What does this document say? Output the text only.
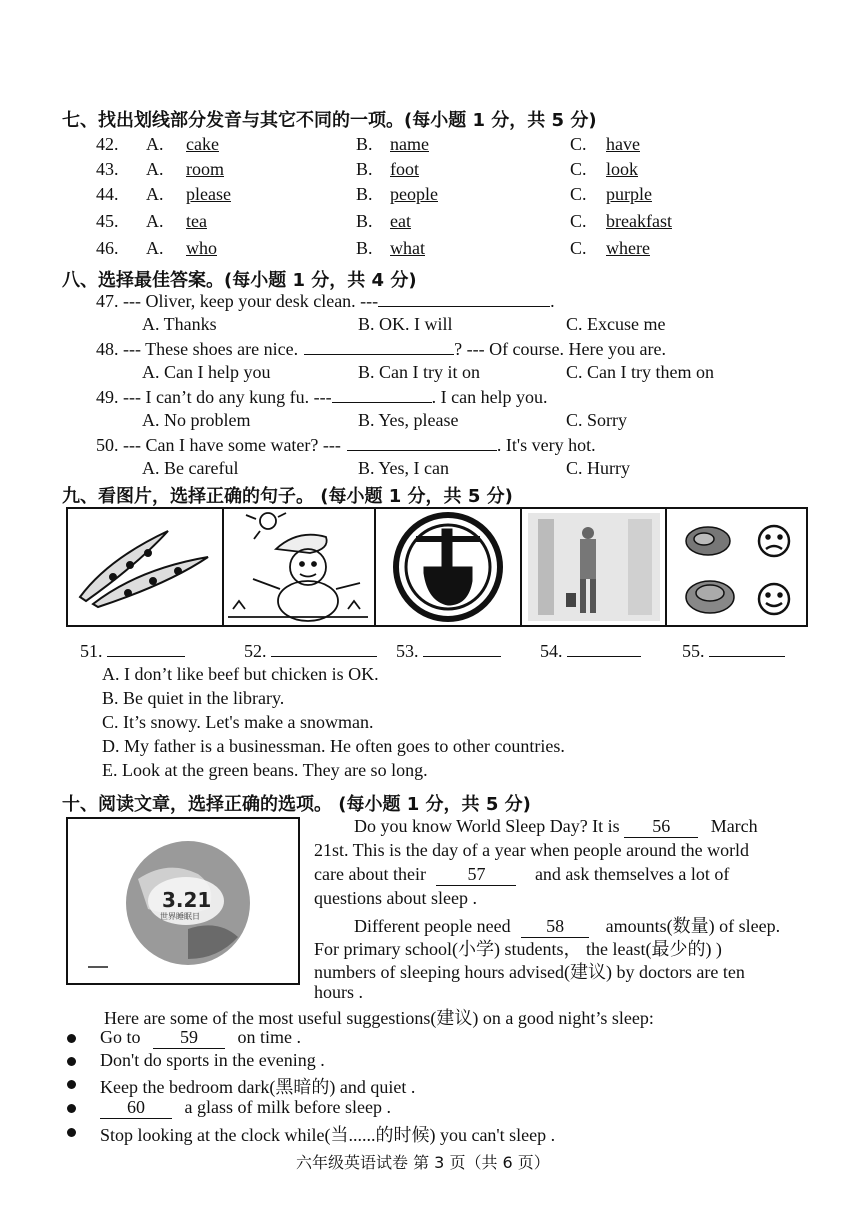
七、找出划线部分发音与其它不同的一项。(每小题 1 分，共 5 分)
42. A. cake	B. name	C. have
43. A. room	B. foot	C. look
44. A. please	B. people	C. purple
45. A. tea	B. eat	C. breakfast
46. A. who	B. what	C. where
八、选择最佳答案。(每小题 1 分，共 4 分)
47. --- Oliver, keep your desk clean. ---	.
A. Thanks	B. OK. I will	C. Excuse me
48. --- These shoes are nice.	? --- Of course. Here you are.
A. Can I help you	B. Can I try it on	C. Can I try them on
49. --- I can’t do any kung fu. ---	. I can help you.
A. No problem	B. Yes, please	C. Sorry
50. --- Can I have some water? ---	. It's very hot.
A. Be careful	B. Yes, I can	C. Hurry
九、看图片，选择正确的句子。 (每小题 1 分，共 5 分)
51.	52.	53.	54.	55.
A. I don’t like beef but chicken is OK.
B. Be quiet in the library.
C. It’s snowy. Let's make a snowman.
D. My father is a businessman. He often goes to other countries.
E. Look at the green beans. They are so long.
十、阅读文章，选择正确的选项。 (每小题 1 分，共 5 分)
3.21
世界睡眠日
Do you know World Sleep Day? It is 56 March
21st. This is the day of a year when people around the world
care about their 57	and ask themselves a lot of
questions about sleep .
Different people need 58 amounts(数量) of sleep.
For primary school(小学) students， the least(最少的) )
numbers of sleeping hours advised(建议) by doctors are ten
hours .
Here are some of the most useful suggestions(建议) on a good night’s sleep:
Go to 59 on time .
Don't do sports in the evening .
Keep the bedroom dark(黑暗的) and quiet .
60 a glass of milk before sleep .
Stop looking at the clock while(当......的时候) you can't sleep .
六年级英语试卷 第 3 页（共 6 页）
